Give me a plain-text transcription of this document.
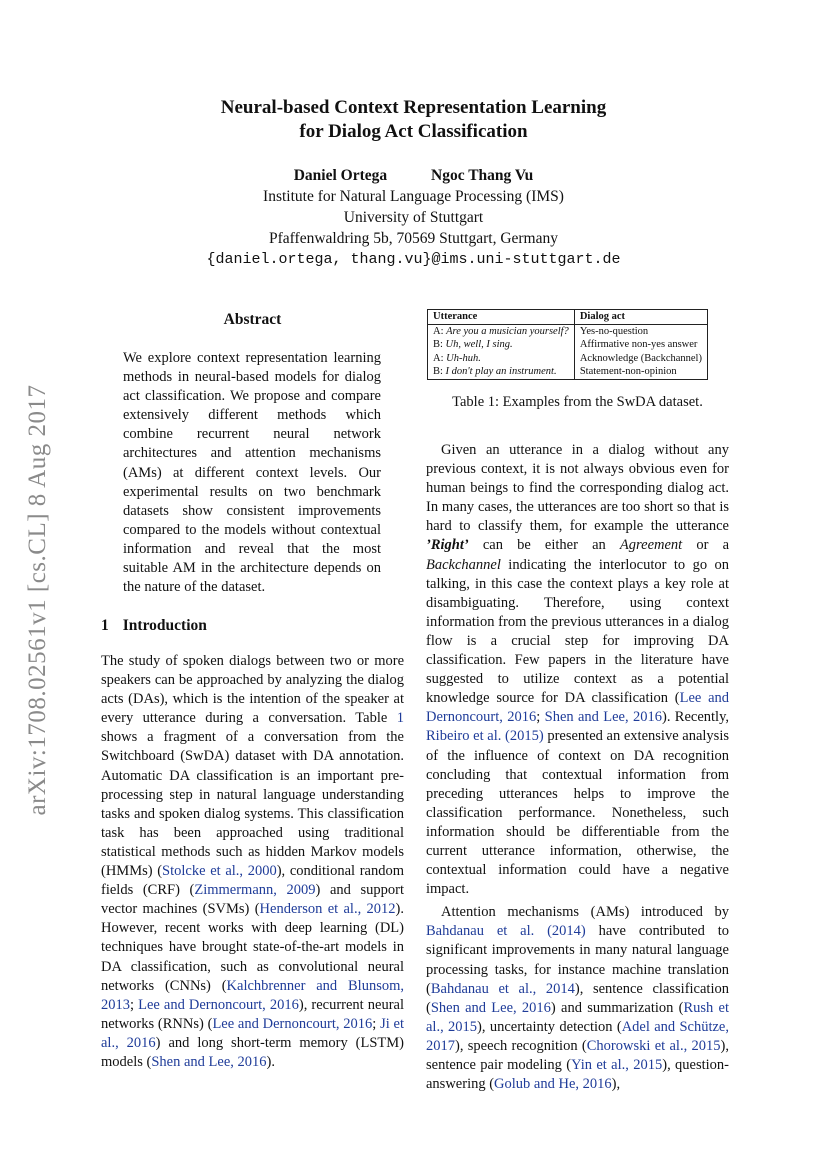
Neural-based Context Representation Learning
for Dialog Act Classification
Daniel Ortega	Ngoc Thang Vu
Institute for Natural Language Processing (IMS)
University of Stuttgart
Pfaffenwaldring 5b, 70569 Stuttgart, Germany
{daniel.ortega, thang.vu}@ims.uni-stuttgart.de
arXiv:1708.02561v1 [cs.CL] 8 Aug 2017
Abstract
We explore context representation learning methods in neural-based models for dialog act classification. We propose and compare extensively different methods which combine recurrent neural network architectures and attention mechanisms (AMs) at different context levels. Our experimental results on two benchmark datasets show consistent improvements compared to the models without contextual information and reveal that the most suitable AM in the architecture depends on the nature of the dataset.
1 Introduction

The study of spoken dialogs between two or more speakers can be approached by analyzing the dialog acts (DAs), which is the intention of the speaker at every utterance during a conversation. Table 1 shows a fragment of a conversation from the Switchboard (SwDA) dataset with DA annotation. Automatic DA classification is an important pre-processing step in natural language understanding tasks and spoken dialog systems. This classification task has been approached using traditional statistical methods such as hidden Markov models (HMMs) (Stolcke et al., 2000), conditional random fields (CRF) (Zimmermann, 2009) and support vector machines (SVMs) (Henderson et al., 2012). However, recent works with deep learning (DL) techniques have brought state-of-the-art models in DA classification, such as convolutional neural networks (CNNs) (Kalchbrenner and Blunsom, 2013; Lee and Dernoncourt, 2016), recurrent neural networks (RNNs) (Lee and Dernoncourt, 2016; Ji et al., 2016) and long short-term memory (LSTM) models (Shen and Lee, 2016).

Utterance	Dialog act
A: Are you a musician yourself?	Yes-no-question
B: Uh, well, I sing.	Affirmative non-yes answer
A: Uh-huh.	Acknowledge (Backchannel)
B: I don't play an instrument.	Statement-non-opinion
Table 1: Examples from the SwDA dataset.

Given an utterance in a dialog without any previous context, it is not always obvious even for human beings to find the corresponding dialog act. In many cases, the utterances are too short so that is hard to classify them, for example the utterance ’Right’ can be either an Agreement or a Backchannel indicating the interlocutor to go on talking, in this case the context plays a key role at disambiguating. Therefore, using context information from the previous utterances in a dialog flow is a crucial step for improving DA classification. Few papers in the literature have suggested to utilize context as a potential knowledge source for DA classification (Lee and Dernoncourt, 2016; Shen and Lee, 2016). Recently, Ribeiro et al. (2015) presented an extensive analysis of the influence of context on DA recognition concluding that contextual information from preceding utterances helps to improve the classification performance. Nonetheless, such information should be differentiable from the current utterance information, otherwise, the contextual information could have a negative impact.

Attention mechanisms (AMs) introduced by Bahdanau et al. (2014) have contributed to significant improvements in many natural language processing tasks, for instance machine translation (Bahdanau et al., 2014), sentence classification (Shen and Lee, 2016) and summarization (Rush et al., 2015), uncertainty detection (Adel and Schütze, 2017), speech recognition (Chorowski et al., 2015), sentence pair modeling (Yin et al., 2015), question-answering (Golub and He, 2016),
